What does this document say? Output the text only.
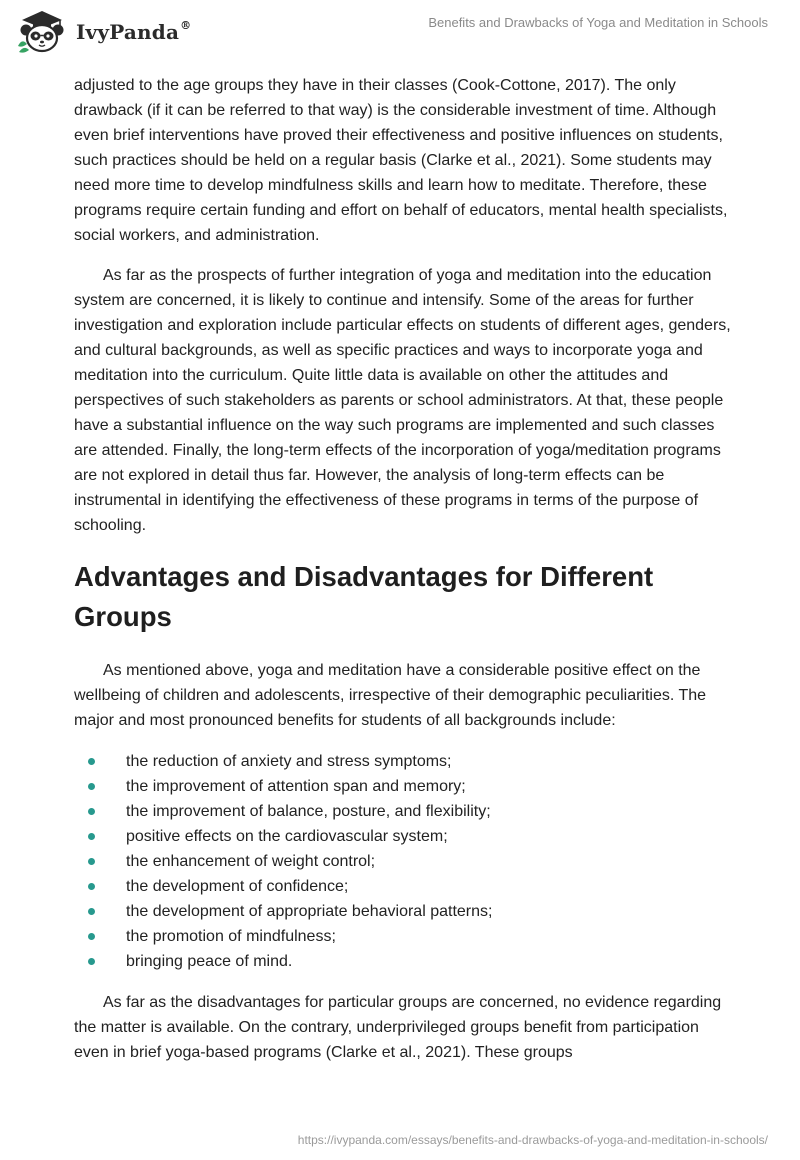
IvyPanda®	Benefits and Drawbacks of Yoga and Meditation in Schools

adjusted to the age groups they have in their classes (Cook-Cottone, 2017). The only drawback (if it can be referred to that way) is the considerable investment of time. Although even brief interventions have proved their effectiveness and positive influences on students, such practices should be held on a regular basis (Clarke et al., 2021). Some students may need more time to develop mindfulness skills and learn how to meditate. Therefore, these programs require certain funding and effort on behalf of educators, mental health specialists, social workers, and administration.

As far as the prospects of further integration of yoga and meditation into the education system are concerned, it is likely to continue and intensify. Some of the areas for further investigation and exploration include particular effects on students of different ages, genders, and cultural backgrounds, as well as specific practices and ways to incorporate yoga and meditation into the curriculum. Quite little data is available on other the attitudes and perspectives of such stakeholders as parents or school administrators. At that, these people have a substantial influence on the way such programs are implemented and such classes are attended. Finally, the long-term effects of the incorporation of yoga/meditation programs are not explored in detail thus far. However, the analysis of long-term effects can be instrumental in identifying the effectiveness of these programs in terms of the purpose of schooling.

Advantages and Disadvantages for Different Groups

As mentioned above, yoga and meditation have a considerable positive effect on the wellbeing of children and adolescents, irrespective of their demographic peculiarities. The major and most pronounced benefits for students of all backgrounds include:

the reduction of anxiety and stress symptoms;
the improvement of attention span and memory;
the improvement of balance, posture, and flexibility;
positive effects on the cardiovascular system;
the enhancement of weight control;
the development of confidence;
the development of appropriate behavioral patterns;
the promotion of mindfulness;
bringing peace of mind.

As far as the disadvantages for particular groups are concerned, no evidence regarding the matter is available. On the contrary, underprivileged groups benefit from participation even in brief yoga-based programs (Clarke et al., 2021). These groups

https://ivypanda.com/essays/benefits-and-drawbacks-of-yoga-and-meditation-in-schools/
